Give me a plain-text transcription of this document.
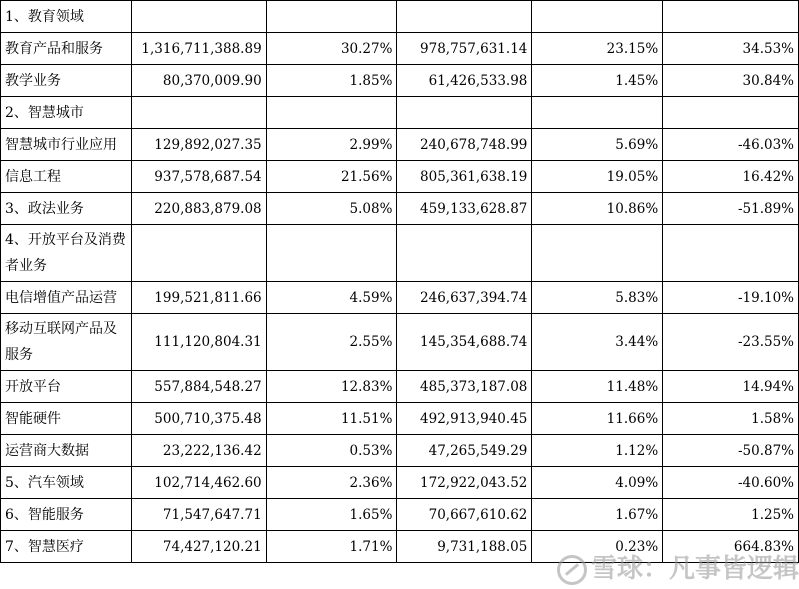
1、教育领域					
教育产品和服务	1,316,711,388.89	30.27%	978,757,631.14	23.15%	34.53%
教学业务	80,370,009.90	1.85%	61,426,533.98	1.45%	30.84%
2、智慧城市					
智慧城市行业应用	129,892,027.35	2.99%	240,678,748.99	5.69%	-46.03%
信息工程	937,578,687.54	21.56%	805,361,638.19	19.05%	16.42%
3、政法业务	220,883,879.08	5.08%	459,133,628.87	10.86%	-51.89%
4、开放平台及消费者业务					
电信增值产品运营	199,521,811.66	4.59%	246,637,394.74	5.83%	-19.10%
移动互联网产品及服务	111,120,804.31	2.55%	145,354,688.74	3.44%	-23.55%
开放平台	557,884,548.27	12.83%	485,373,187.08	11.48%	14.94%
智能硬件	500,710,375.48	11.51%	492,913,940.45	11.66%	1.58%
运营商大数据	23,222,136.42	0.53%	47,265,549.29	1.12%	-50.87%
5、汽车领域	102,714,462.60	2.36%	172,922,043.52	4.09%	-40.60%
6、智能服务	71,547,647.71	1.65%	70,667,610.62	1.67%	1.25%
7、智慧医疗	74,427,120.21	1.71%	9,731,188.05	0.23%	664.83%
雪球：凡事皆逻辑
